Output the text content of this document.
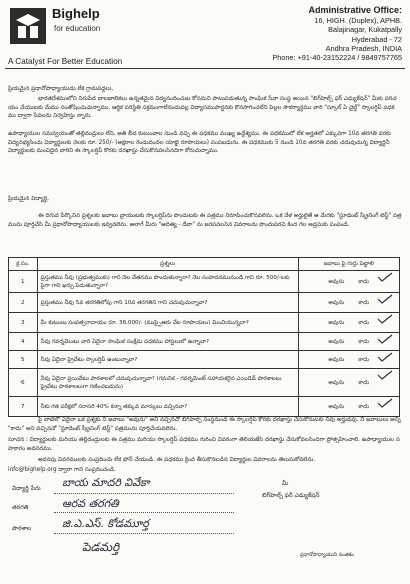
Bighelp
for education
A Catalyst For Better Education
Administrative Office:
16, HIGH. (Duplex), APHB.
Balajinagar, Kukatpally
Hyderabad - 72
Andhra Pradesh, INDIA
Phone: +91-40-23152224 / 9849757765
ప్రియమైన ప్రధానోపాధ్యాయుడు లేక గ్రామపెద్దలు,
భారతదేశములోని నిరుపేద బాలబాలికలు ఉన్నతమైన విద్యనందించుట కోసమని పాటుపడుతున్న సాంఘిక సేవా సంస్థ అయిన "బిగ్‌హెల్ప్ ఫర్ ఎడ్యుకేషన్" మీకు పరిచయం చేయుటకు మేము సంతోషించుచున్నాము. ఆర్ధిక పరిస్థితి సక్రమంగాలేనందువల్ల విద్యాసముపార్జనకు కొనసాగించలేని పిల్లల సౌకర్యార్ధము వారి "స్కూల్ ఏ చైల్డ్" స్కాలర్షిప్ పధకము ద్వారా సేవలను నిర్వహిస్తు న్నారు.
ఉపాధ్యాయుల సమన్వయంతో తల్లిదండ్రులు లేని, అతి బీద కుటుంబాల నుండి వచ్చి ఈ పధకము ముఖ్య ఉద్దేశ్యము. ఈ పధకములో లేక అర్హతలో ఎక్కువగా 10వ తరగతి వరకు విద్యనభ్యసించు విద్యార్థులకు నెలకు రూ. 250/- (అక్షరాల రెండువందల యాభై రూపాయలు) పంపబడును. ఈ పధకముకు 5 నుండి 10వ తరగతి వరకు చదువుచున్న విద్యార్థినీ విద్యార్థులకు మంచిదైన వారిని ఈ స్కాలర్షిప్ కొరకు దరఖాస్తు చేసుకొనవలసినదిగా కోరుచున్నాము.
ప్రియమైన విద్యార్థి,
ఈ దిగువ పేర్కొనిన ప్రశ్నలకు జవాబు వ్రాయుటకు స్కాలర్షిప్‌ను పొందుటకు ఈ పత్రము నిరూపించుకొనవలెను. ఒక వేళ అర్హులైతే ఆ మేరకు "స్టూడెంట్ స్క్రీనింగ్ టెస్ట్" పత్రమును పూర్తిచేసి మీ ప్రధానోపాధ్యాయులకు ఇవ్వవలెను. అలాగే మీరు "ఆదిత్య - దేవా" ను జరపవలసిన వివరాలను పొందుపరచి కింద గల అడ్రసుకు పంపండి.
క్ర.సం.	ప్రశ్నలు	జవాబు పై గుర్తు పెట్టాలి
1	ప్రస్తుతము నీవు (ప్రభుత్వముకు) గాని నెల వేతనము పొందుతున్నారా? నెల సంపాదనమునుండి గాని రూ. 500/-లకు పైగా గాని ఖర్చు పెడుతున్నారా?	అవును కాదు

2	ప్రస్తుతము నీవు 5వ తరగతిలోపు గాని 10వ తరగతిని గాని చదువుచున్నావా?	అవును కాదు

3	మీ కుటుంబ సంవత్సరాదాయం రూ. 36,000/- (ముప్పైఆరు వేల రూపాయలు) మించియున్నదా?	అవును కాదు

4	నీవు గవర్నమెంటు వారి ఏదైనా సాంఘిక సంక్షేమ పధకము హాస్టలులో ఉన్నావా?	అవును కాదు

5	నీవు ఏదైనా ప్రైవేటు స్కాలర్షిప్ ఉంటున్నావా?	అవును కాదు

6	నీవు ఏదైనా ప్రయివేటు పాఠశాలలో చదువుచున్నావా? (గమనిక - గవర్నమెంట్ సహాయకరైన ఎయిడెడ్ పాఠశాలలు ప్రైవేటు పాఠశాలలుగా గణించబడును)	అవును కాదు

7	నీకు గత పరీక్షలో సరాసరి 40% కన్నా తక్కువ మార్కులు వచ్చినవా?	అవును కాదు
పై వాటిలో ఏదైనా ఒక ప్రశ్నకు నీ జవాబు "అవును" అని వచ్చినచో బిగ్‌హెల్ప్ సంస్థనుండి ఈ స్కాలర్షిప్ కొరకు దరఖాస్తు చేసుకొనుటకు నీవు అర్హుడవు. నీ జవాబులు అన్నీ "కాదు" అని వచ్చినచో "స్టూడెంట్ స్క్రీనింగ్ టెస్ట్" పత్రమును పూర్తిచేయవలెను.
సూచన : విద్యార్థులకు మరియు తల్లిదండ్రులకు ఈ పత్రము మరియు స్కాలర్షిప్ పధకము గురించి వివరంగా తెలియజేసి దరఖాస్తు చేసుకోవలసిందిగా ప్రోత్సహించాలి. ఉపాధ్యాయుల సహకారం అవసరము.
అదనపు వివరములకు సంప్రదించు లేక ఫోన్ చేయండి. ఈ పధకము క్రింద తీసుకొనబడిన విద్యార్థుల వివరాలను తెలుసుకోవలెను.
info@bighelp.org ద్వారా గాని సంప్రదించండి.
విద్యార్థి పేరు బాయ మాదరి వివేకా
తరగతి	ఆరవ తరగతి
పాఠశాల	జి.ఎ.ఎస్. కోడమూర్త
పెడమర్తి
మీ
బిగ్‌హెల్ప్ ఫర్ ఎడ్యుకేషన్
ప్రధానోపాధ్యాయుని సంతకం
